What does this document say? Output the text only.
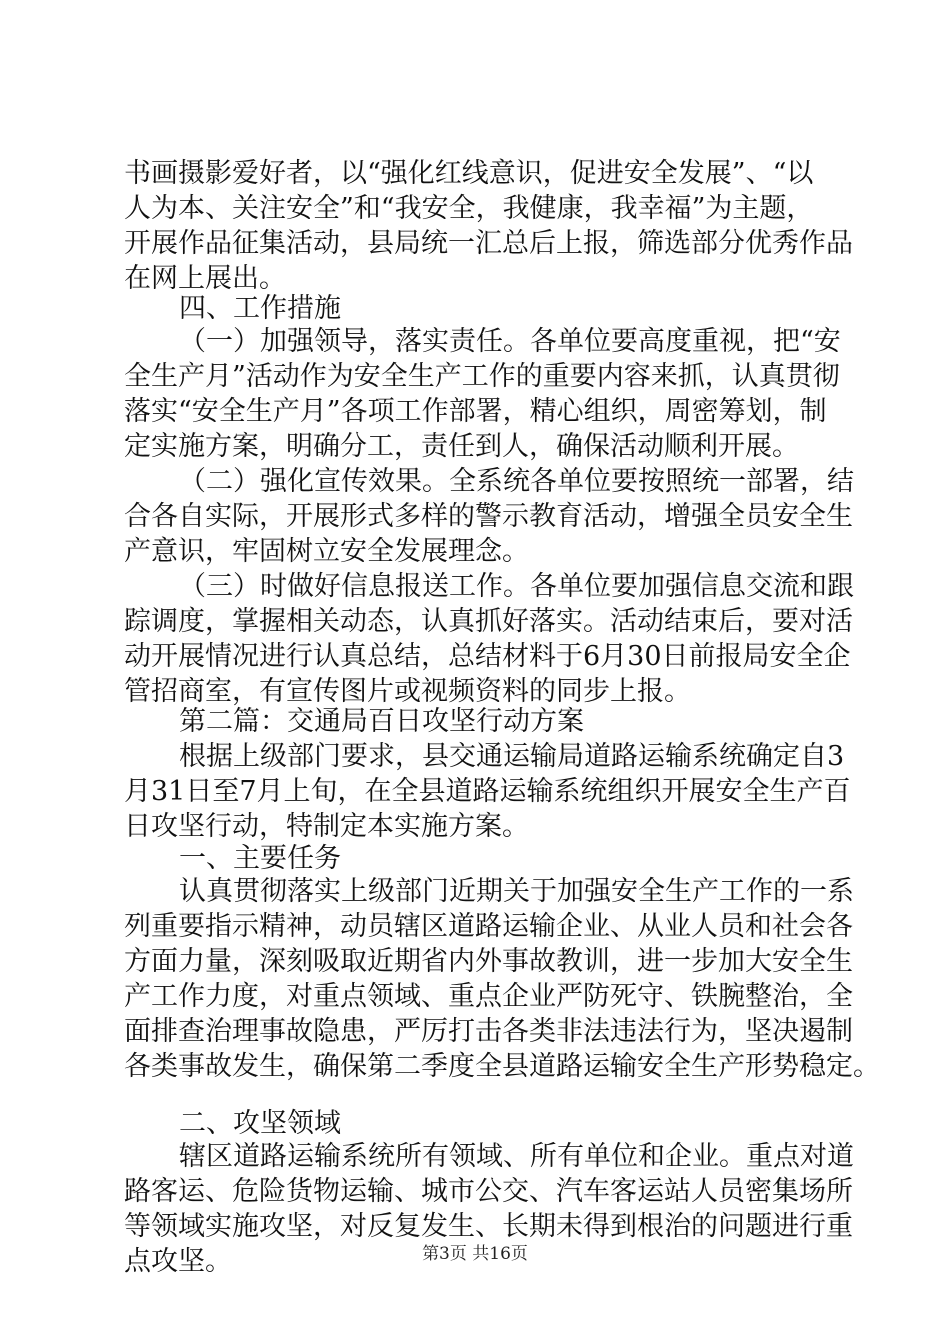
书画摄影爱好者，以“强化红线意识，促进安全发展”、“以
人为本、关注安全”和“我安全，我健康，我幸福”为主题，
开展作品征集活动，县局统一汇总后上报，筛选部分优秀作品
在网上展出。
四、工作措施
（一）加强领导，落实责任。各单位要高度重视，把“安
全生产月”活动作为安全生产工作的重要内容来抓，认真贯彻
落实“安全生产月”各项工作部署，精心组织，周密筹划，制
定实施方案，明确分工，责任到人，确保活动顺利开展。
（二）强化宣传效果。全系统各单位要按照统一部署，结
合各自实际，开展形式多样的警示教育活动，增强全员安全生
产意识，牢固树立安全发展理念。
（三）时做好信息报送工作。各单位要加强信息交流和跟
踪调度，掌握相关动态，认真抓好落实。活动结束后，要对活
动开展情况进行认真总结，总结材料于6月30日前报局安全企
管招商室，有宣传图片或视频资料的同步上报。
第二篇：交通局百日攻坚行动方案
根据上级部门要求，县交通运输局道路运输系统确定自3
月31日至7月上旬，在全县道路运输系统组织开展安全生产百
日攻坚行动，特制定本实施方案。
一、主要任务
认真贯彻落实上级部门近期关于加强安全生产工作的一系
列重要指示精神，动员辖区道路运输企业、从业人员和社会各
方面力量，深刻吸取近期省内外事故教训，进一步加大安全生
产工作力度，对重点领域、重点企业严防死守、铁腕整治，全
面排查治理事故隐患，严厉打击各类非法违法行为，坚决遏制
各类事故发生，确保第二季度全县道路运输安全生产形势稳定。
二、攻坚领域
辖区道路运输系统所有领域、所有单位和企业。重点对道
路客运、危险货物运输、城市公交、汽车客运站人员密集场所
等领域实施攻坚，对反复发生、长期未得到根治的问题进行重
点攻坚。	第3页 共16页
